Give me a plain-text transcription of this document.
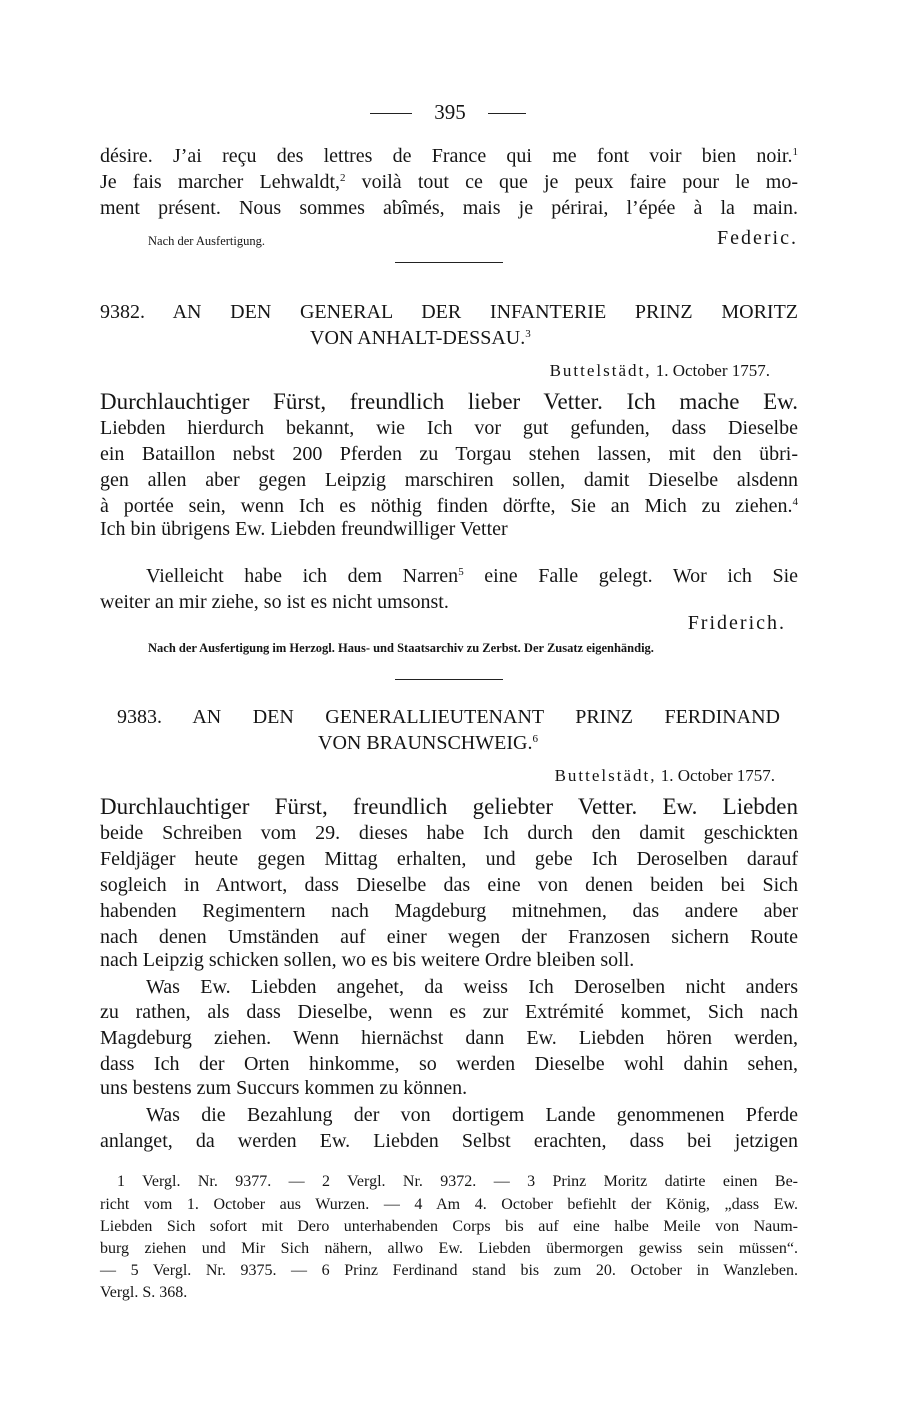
395

désire. J’ai reçu des lettres de France qui me font voir bien noir.$^1$

Je fais marcher Lehwaldt,$^2$ voilà tout ce que je peux faire pour le mo-

ment présent. Nous sommes abîmés, mais je périrai, l’épée à la main.

Nach der Ausfertigung.	Federic.

9382. AN DEN GENERAL DER INFANTERIE PRINZ MORITZ

VON ANHALT-DESSAU.$^3$

Buttelstädt, 1. October 1757.

Durchlauchtiger Fürst, freundlich lieber Vetter. Ich mache Ew.

Liebden hierdurch bekannt, wie Ich vor gut gefunden, dass Dieselbe

ein Bataillon nebst 200 Pferden zu Torgau stehen lassen, mit den übri-

gen allen aber gegen Leipzig marschiren sollen, damit Dieselbe alsdenn

à portée sein, wenn Ich es nöthig finden dörfte, Sie an Mich zu ziehen.$^4$

Ich bin übrigens Ew. Liebden freundwilliger Vetter

Vielleicht habe ich dem Narren$^5$ eine Falle gelegt. Wor ich Sie

weiter an mir ziehe, so ist es nicht umsonst.

Friderich.
Nach der Ausfertigung im Herzogl. Haus- und Staatsarchiv zu Zerbst. Der Zusatz eigenhändig.

9383. AN DEN GENERALLIEUTENANT PRINZ FERDINAND

VON BRAUNSCHWEIG.$^6$

Buttelstädt, 1. October 1757.

Durchlauchtiger Fürst, freundlich geliebter Vetter. Ew. Liebden

beide Schreiben vom 29. dieses habe Ich durch den damit geschickten

Feldjäger heute gegen Mittag erhalten, und gebe Ich Deroselben darauf

sogleich in Antwort, dass Dieselbe das eine von denen beiden bei Sich

habenden Regimentern nach Magdeburg mitnehmen, das andere aber

nach denen Umständen auf einer wegen der Franzosen sichern Route

nach Leipzig schicken sollen, wo es bis weitere Ordre bleiben soll.

Was Ew. Liebden angehet, da weiss Ich Deroselben nicht anders

zu rathen, als dass Dieselbe, wenn es zur Extrémité kommet, Sich nach

Magdeburg ziehen. Wenn hiernächst dann Ew. Liebden hören werden,

dass Ich der Orten hinkomme, so werden Dieselbe wohl dahin sehen,

uns bestens zum Succurs kommen zu können.

Was die Bezahlung der von dortigem Lande genommenen Pferde

anlanget, da werden Ew. Liebden Selbst erachten, dass bei jetzigen

1 Vergl. Nr. 9377. — 2 Vergl. Nr. 9372. — 3 Prinz Moritz datirte einen Be-

richt vom 1. October aus Wurzen. — 4 Am 4. October befiehlt der König, „dass Ew.

Liebden Sich sofort mit Dero unterhabenden Corps bis auf eine halbe Meile von Naum-

burg ziehen und Mir Sich nähern, allwo Ew. Liebden übermorgen gewiss sein müssen“.

— 5 Vergl. Nr. 9375. — 6 Prinz Ferdinand stand bis zum 20. October in Wanzleben.

Vergl. S. 368.
